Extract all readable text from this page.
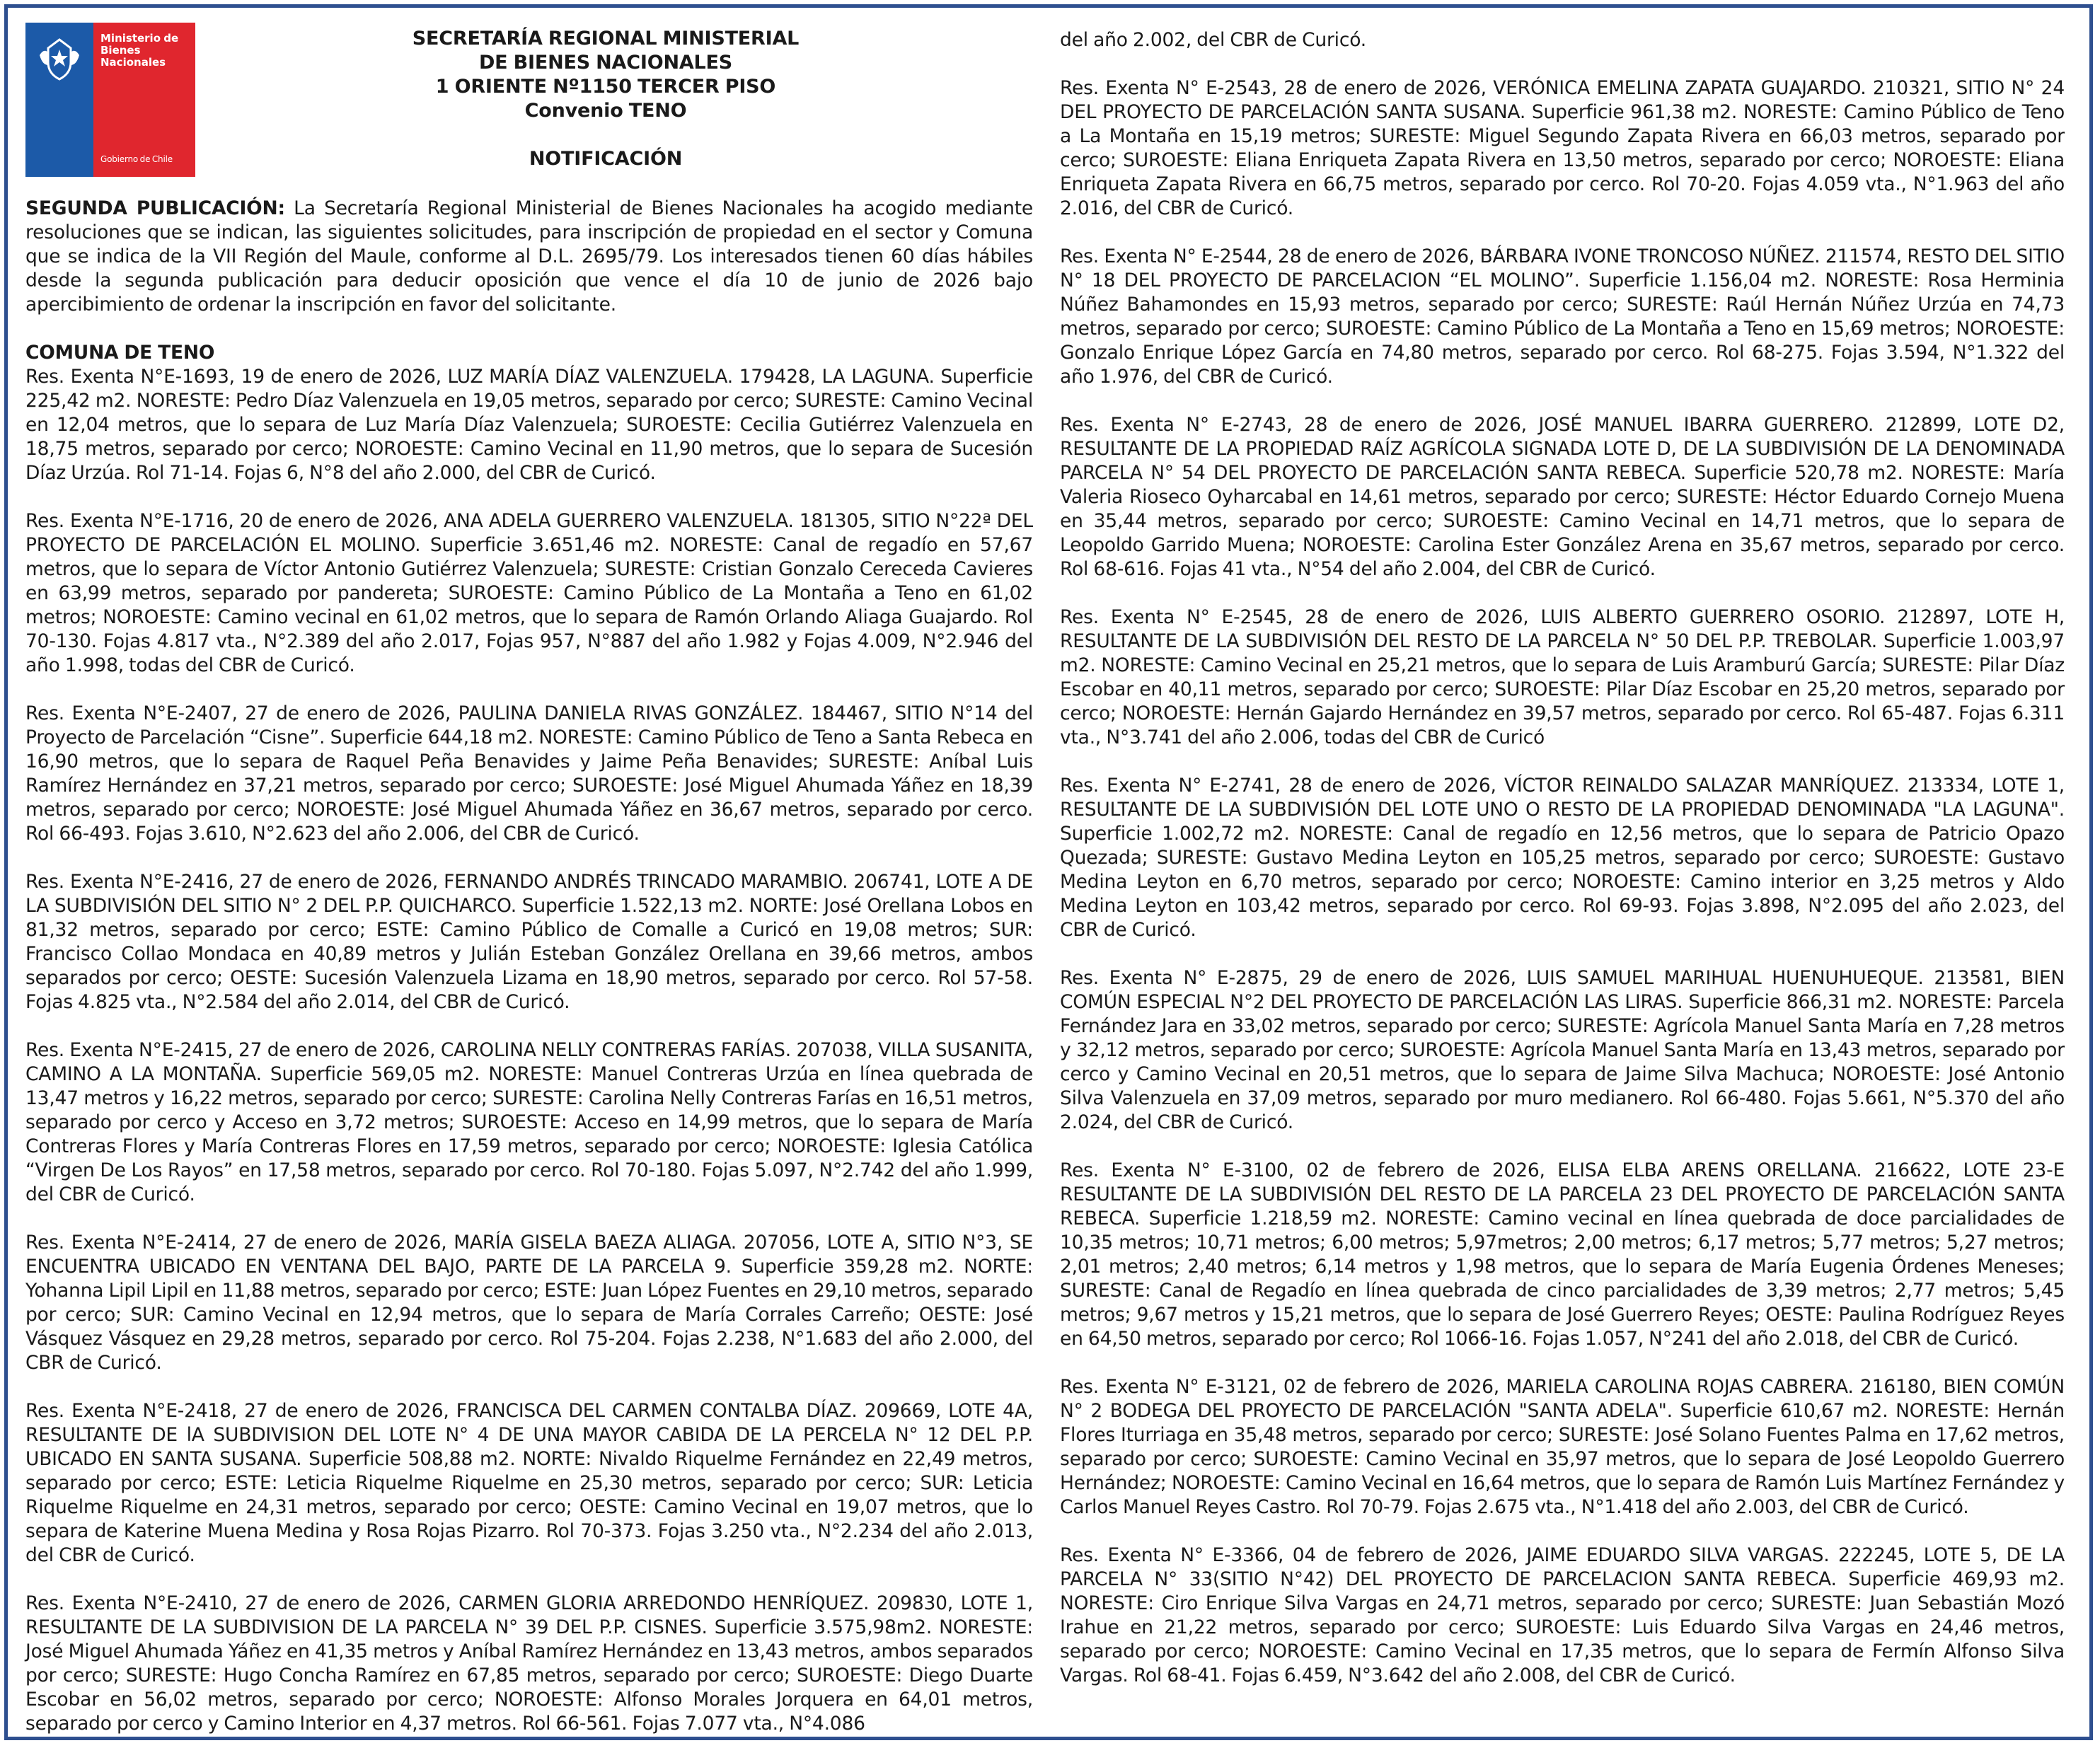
Ministerio de Bienes Nacionales
Gobierno de Chile
SECRETARÍA REGIONAL MINISTERIAL
DE BIENES NACIONALES
1 ORIENTE Nº1150 TERCER PISO
Convenio TENO
NOTIFICACIÓN

SEGUNDA PUBLICACIÓN: La Secretaría Regional Ministerial de Bienes Nacionales ha acogido mediante resoluciones que se indican, las siguientes solicitudes, para inscripción de propiedad en el sector y Comuna que se indica de la VII Región del Maule, conforme al D.L. 2695/79. Los interesados tienen 60 días hábiles desde la segunda publicación para deducir oposición que vence el día 10 de junio de 2026 bajo apercibimiento de ordenar la inscripción en favor del solicitante.

COMUNA DE TENO

Res. Exenta N°E-1693, 19 de enero de 2026, LUZ MARÍA DÍAZ VALENZUELA. 179428, LA LAGUNA. Superficie 225,42 m2. NORESTE: Pedro Díaz Valenzuela en 19,05 metros, separado por cerco; SURESTE: Camino Vecinal en 12,04 metros, que lo separa de Luz María Díaz Valenzuela; SUROESTE: Cecilia Gutiérrez Valenzuela en 18,75 metros, separado por cerco; NOROESTE: Camino Vecinal en 11,90 metros, que lo separa de Sucesión Díaz Urzúa. Rol 71-14. Fojas 6, N°8 del año 2.000, del CBR de Curicó.

Res. Exenta N°E-1716, 20 de enero de 2026, ANA ADELA GUERRERO VALENZUELA. 181305, SITIO N°22ª DEL PROYECTO DE PARCELACIÓN EL MOLINO. Superficie 3.651,46 m2. NORESTE: Canal de regadío en 57,67 metros, que lo separa de Víctor Antonio Gutiérrez Valenzuela; SURESTE: Cristian Gonzalo Cereceda Cavieres en 63,99 metros, separado por pandereta; SUROESTE: Camino Público de La Montaña a Teno en 61,02 metros; NOROESTE: Camino vecinal en 61,02 metros, que lo separa de Ramón Orlando Aliaga Guajardo. Rol 70-130. Fojas 4.817 vta., N°2.389 del año 2.017, Fojas 957, N°887 del año 1.982 y Fojas 4.009, N°2.946 del año 1.998, todas del CBR de Curicó.

Res. Exenta N°E-2407, 27 de enero de 2026, PAULINA DANIELA RIVAS GONZÁLEZ. 184467, SITIO N°14 del Proyecto de Parcelación “Cisne”. Superficie 644,18 m2. NORESTE: Camino Público de Teno a Santa Rebeca en 16,90 metros, que lo separa de Raquel Peña Benavides y Jaime Peña Benavides; SURESTE: Aníbal Luis Ramírez Hernández en 37,21 metros, separado por cerco; SUROESTE: José Miguel Ahumada Yáñez en 18,39 metros, separado por cerco; NOROESTE: José Miguel Ahumada Yáñez en 36,67 metros, separado por cerco. Rol 66-493. Fojas 3.610, N°2.623 del año 2.006, del CBR de Curicó.

Res. Exenta N°E-2416, 27 de enero de 2026, FERNANDO ANDRÉS TRINCADO MARAMBIO. 206741, LOTE A DE LA SUBDIVISIÓN DEL SITIO N° 2 DEL P.P. QUICHARCO. Superficie 1.522,13 m2. NORTE: José Orellana Lobos en 81,32 metros, separado por cerco; ESTE: Camino Público de Comalle a Curicó en 19,08 metros; SUR: Francisco Collao Mondaca en 40,89 metros y Julián Esteban González Orellana en 39,66 metros, ambos separados por cerco; OESTE: Sucesión Valenzuela Lizama en 18,90 metros, separado por cerco. Rol 57-58. Fojas 4.825 vta., N°2.584 del año 2.014, del CBR de Curicó.

Res. Exenta N°E-2415, 27 de enero de 2026, CAROLINA NELLY CONTRERAS FARÍAS. 207038, VILLA SUSANITA, CAMINO A LA MONTAÑA. Superficie 569,05 m2. NORESTE: Manuel Contreras Urzúa en línea quebrada de 13,47 metros y 16,22 metros, separado por cerco; SURESTE: Carolina Nelly Contreras Farías en 16,51 metros, separado por cerco y Acceso en 3,72 metros; SUROESTE: Acceso en 14,99 metros, que lo separa de María Contreras Flores y María Contreras Flores en 17,59 metros, separado por cerco; NOROESTE: Iglesia Católica “Virgen De Los Rayos” en 17,58 metros, separado por cerco. Rol 70-180. Fojas 5.097, N°2.742 del año 1.999, del CBR de Curicó.

Res. Exenta N°E-2414, 27 de enero de 2026, MARÍA GISELA BAEZA ALIAGA. 207056, LOTE A, SITIO N°3, SE ENCUENTRA UBICADO EN VENTANA DEL BAJO, PARTE DE LA PARCELA 9. Superficie 359,28 m2. NORTE: Yohanna Lipil Lipil en 11,88 metros, separado por cerco; ESTE: Juan López Fuentes en 29,10 metros, separado por cerco; SUR: Camino Vecinal en 12,94 metros, que lo separa de María Corrales Carreño; OESTE: José Vásquez Vásquez en 29,28 metros, separado por cerco. Rol 75-204. Fojas 2.238, N°1.683 del año 2.000, del CBR de Curicó.

Res. Exenta N°E-2418, 27 de enero de 2026, FRANCISCA DEL CARMEN CONTALBA DÍAZ. 209669, LOTE 4A, RESULTANTE DE lA SUBDIVISION DEL LOTE N° 4 DE UNA MAYOR CABIDA DE LA PERCELA N° 12 DEL P.P. UBICADO EN SANTA SUSANA. Superficie 508,88 m2. NORTE: Nivaldo Riquelme Fernández en 22,49 metros, separado por cerco; ESTE: Leticia Riquelme Riquelme en 25,30 metros, separado por cerco; SUR: Leticia Riquelme Riquelme en 24,31 metros, separado por cerco; OESTE: Camino Vecinal en 19,07 metros, que lo separa de Katerine Muena Medina y Rosa Rojas Pizarro. Rol 70-373. Fojas 3.250 vta., N°2.234 del año 2.013, del CBR de Curicó.

Res. Exenta N°E-2410, 27 de enero de 2026, CARMEN GLORIA ARREDONDO HENRÍQUEZ. 209830, LOTE 1, RESULTANTE DE LA SUBDIVISION DE LA PARCELA N° 39 DEL P.P. CISNES. Superficie 3.575,98m2. NORESTE: José Miguel Ahumada Yáñez en 41,35 metros y Aníbal Ramírez Hernández en 13,43 metros, ambos separados por cerco; SURESTE: Hugo Concha Ramírez en 67,85 metros, separado por cerco; SUROESTE: Diego Duarte Escobar en 56,02 metros, separado por cerco; NOROESTE: Alfonso Morales Jorquera en 64,01 metros, separado por cerco y Camino Interior en 4,37 metros. Rol 66-561. Fojas 7.077 vta., N°4.086

del año 2.002, del CBR de Curicó.

Res. Exenta N° E-2543, 28 de enero de 2026, VERÓNICA EMELINA ZAPATA GUAJARDO. 210321, SITIO N° 24 DEL PROYECTO DE PARCELACIÓN SANTA SUSANA. Superficie 961,38 m2. NORESTE: Camino Público de Teno a La Montaña en 15,19 metros; SURESTE: Miguel Segundo Zapata Rivera en 66,03 metros, separado por cerco; SUROESTE: Eliana Enriqueta Zapata Rivera en 13,50 metros, separado por cerco; NOROESTE: Eliana Enriqueta Zapata Rivera en 66,75 metros, separado por cerco. Rol 70-20. Fojas 4.059 vta., N°1.963 del año 2.016, del CBR de Curicó.

Res. Exenta N° E-2544, 28 de enero de 2026, BÁRBARA IVONE TRONCOSO NÚÑEZ. 211574, RESTO DEL SITIO N° 18 DEL PROYECTO DE PARCELACION “EL MOLINO”. Superficie 1.156,04 m2. NORESTE: Rosa Herminia Núñez Bahamondes en 15,93 metros, separado por cerco; SURESTE: Raúl Hernán Núñez Urzúa en 74,73 metros, separado por cerco; SUROESTE: Camino Público de La Montaña a Teno en 15,69 metros; NOROESTE: Gonzalo Enrique López García en 74,80 metros, separado por cerco. Rol 68-275. Fojas 3.594, N°1.322 del año 1.976, del CBR de Curicó.

Res. Exenta N° E-2743, 28 de enero de 2026, JOSÉ MANUEL IBARRA GUERRERO. 212899, LOTE D2, RESULTANTE DE LA PROPIEDAD RAÍZ AGRÍCOLA SIGNADA LOTE D, DE LA SUBDIVISIÓN DE LA DENOMINADA PARCELA N° 54 DEL PROYECTO DE PARCELACIÓN SANTA REBECA. Superficie 520,78 m2. NORESTE: María Valeria Rioseco Oyharcabal en 14,61 metros, separado por cerco; SURESTE: Héctor Eduardo Cornejo Muena en 35,44 metros, separado por cerco; SUROESTE: Camino Vecinal en 14,71 metros, que lo separa de Leopoldo Garrido Muena; NOROESTE: Carolina Ester González Arena en 35,67 metros, separado por cerco. Rol 68-616. Fojas 41 vta., N°54 del año 2.004, del CBR de Curicó.

Res. Exenta N° E-2545, 28 de enero de 2026, LUIS ALBERTO GUERRERO OSORIO. 212897, LOTE H, RESULTANTE DE LA SUBDIVISIÓN DEL RESTO DE LA PARCELA N° 50 DEL P.P. TREBOLAR. Superficie 1.003,97 m2. NORESTE: Camino Vecinal en 25,21 metros, que lo separa de Luis Aramburú García; SURESTE: Pilar Díaz Escobar en 40,11 metros, separado por cerco; SUROESTE: Pilar Díaz Escobar en 25,20 metros, separado por cerco; NOROESTE: Hernán Gajardo Hernández en 39,57 metros, separado por cerco. Rol 65-487. Fojas 6.311 vta., N°3.741 del año 2.006, todas del CBR de Curicó

Res. Exenta N° E-2741, 28 de enero de 2026, VÍCTOR REINALDO SALAZAR MANRÍQUEZ. 213334, LOTE 1, RESULTANTE DE LA SUBDIVISIÓN DEL LOTE UNO O RESTO DE LA PROPIEDAD DENOMINADA "LA LAGUNA". Superficie 1.002,72 m2. NORESTE: Canal de regadío en 12,56 metros, que lo separa de Patricio Opazo Quezada; SURESTE: Gustavo Medina Leyton en 105,25 metros, separado por cerco; SUROESTE: Gustavo Medina Leyton en 6,70 metros, separado por cerco; NOROESTE: Camino interior en 3,25 metros y Aldo Medina Leyton en 103,42 metros, separado por cerco. Rol 69-93. Fojas 3.898, N°2.095 del año 2.023, del CBR de Curicó.

Res. Exenta N° E-2875, 29 de enero de 2026, LUIS SAMUEL MARIHUAL HUENUHUEQUE. 213581, BIEN COMÚN ESPECIAL N°2 DEL PROYECTO DE PARCELACIÓN LAS LIRAS. Superficie 866,31 m2. NORESTE: Parcela Fernández Jara en 33,02 metros, separado por cerco; SURESTE: Agrícola Manuel Santa María en 7,28 metros y 32,12 metros, separado por cerco; SUROESTE: Agrícola Manuel Santa María en 13,43 metros, separado por cerco y Camino Vecinal en 20,51 metros, que lo separa de Jaime Silva Machuca; NOROESTE: José Antonio Silva Valenzuela en 37,09 metros, separado por muro medianero. Rol 66-480. Fojas 5.661, N°5.370 del año 2.024, del CBR de Curicó.

Res. Exenta N° E-3100, 02 de febrero de 2026, ELISA ELBA ARENS ORELLANA. 216622, LOTE 23-E RESULTANTE DE LA SUBDIVISIÓN DEL RESTO DE LA PARCELA 23 DEL PROYECTO DE PARCELACIÓN SANTA REBECA. Superficie 1.218,59 m2. NORESTE: Camino vecinal en línea quebrada de doce parcialidades de 10,35 metros; 10,71 metros; 6,00 metros; 5,97metros; 2,00 metros; 6,17 metros; 5,77 metros; 5,27 metros; 2,01 metros; 2,40 metros; 6,14 metros y 1,98 metros, que lo separa de María Eugenia Órdenes Meneses; SURESTE: Canal de Regadío en línea quebrada de cinco parcialidades de 3,39 metros; 2,77 metros; 5,45 metros; 9,67 metros y 15,21 metros, que lo separa de José Guerrero Reyes; OESTE: Paulina Rodríguez Reyes en 64,50 metros, separado por cerco; Rol 1066-16. Fojas 1.057, N°241 del año 2.018, del CBR de Curicó.

Res. Exenta N° E-3121, 02 de febrero de 2026, MARIELA CAROLINA ROJAS CABRERA. 216180, BIEN COMÚN N° 2 BODEGA DEL PROYECTO DE PARCELACIÓN "SANTA ADELA". Superficie 610,67 m2. NORESTE: Hernán Flores Iturriaga en 35,48 metros, separado por cerco; SURESTE: José Solano Fuentes Palma en 17,62 metros, separado por cerco; SUROESTE: Camino Vecinal en 35,97 metros, que lo separa de José Leopoldo Guerrero Hernández; NOROESTE: Camino Vecinal en 16,64 metros, que lo separa de Ramón Luis Martínez Fernández y Carlos Manuel Reyes Castro. Rol 70-79. Fojas 2.675 vta., N°1.418 del año 2.003, del CBR de Curicó.

Res. Exenta N° E-3366, 04 de febrero de 2026, JAIME EDUARDO SILVA VARGAS. 222245, LOTE 5, DE LA PARCELA N° 33(SITIO N°42) DEL PROYECTO DE PARCELACION SANTA REBECA. Superficie 469,93 m2. NORESTE: Ciro Enrique Silva Vargas en 24,71 metros, separado por cerco; SURESTE: Juan Sebastián Mozó Irahue en 21,22 metros, separado por cerco; SUROESTE: Luis Eduardo Silva Vargas en 24,46 metros, separado por cerco; NOROESTE: Camino Vecinal en 17,35 metros, que lo separa de Fermín Alfonso Silva Vargas. Rol 68-41. Fojas 6.459, N°3.642 del año 2.008, del CBR de Curicó.
